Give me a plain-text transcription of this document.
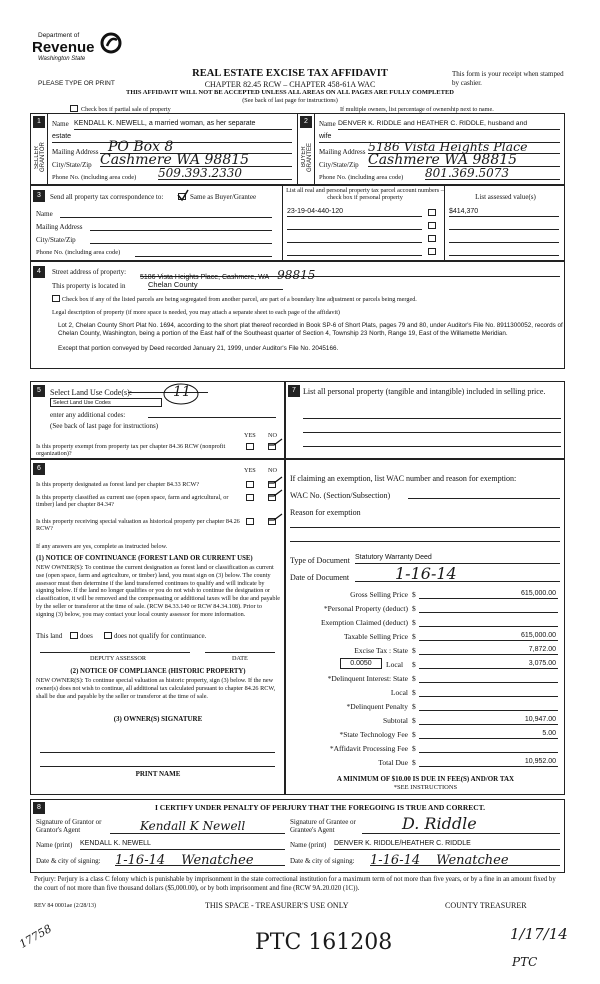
Department of
Revenue
Washington State
PLEASE TYPE OR PRINT
REAL ESTATE EXCISE TAX AFFIDAVIT
CHAPTER 82.45 RCW – CHAPTER 458-61A WAC
THIS AFFIDAVIT WILL NOT BE ACCEPTED UNLESS ALL AREAS ON ALL PAGES ARE FULLY COMPLETED
(See back of last page for instructions)
This form is your receipt when stamped by cashier.
Check box if partial sale of property	If multiple owners, list percentage of ownership next to name.
1
SELLER GRANTOR
Name KENDALL K. NEWELL, a married woman, as her separate
estate
Mailing Address PO Box 8
City/State/Zip Cashmere WA 98815
Phone No. (including area code) 509.393.2330
2
BUYER GRANTEE
Name DENVER K. RIDDLE and HEATHER C. RIDDLE, husband and
wife
Mailing Address 5186 Vista Heights Place
City/State/Zip Cashmere WA 98815
Phone No. (including area code) 801.369.5073
3	Send all property tax correspondence to:	Same as Buyer/Grantee
List all real and personal property tax parcel account numbers – check box if personal property	List assessed value(s)
Name
Mailing Address
City/State/Zip
Phone No. (including area code)
23-19-04-440-120	$414,370
4	Street address of property:
5186 Vista Heights Place, Cashmere, WA 98815
This property is located in	Chelan County
Check box if any of the listed parcels are being segregated from another parcel, are part of a boundary line adjustment or parcels being merged.
Legal description of property (if more space is needed, you may attach a separate sheet to each page of the affidavit)
Lot 2, Chelan County Short Plat No. 1694, according to the short plat thereof recorded in Book SP-6 of Short Plats, pages 79 and 80, under Auditor's File No. 8911300052, records of Chelan County, Washington, being a portion of the East half of the Southeast quarter of Section 4, Township 23 North, Range 19, East of the Willamette Meridian.
Except that portion conveyed by Deed recorded January 21, 1999, under Auditor's File No. 2045166.
5	Select Land Use Code(s):	11
Select Land Use Codes
enter any additional codes:
(See back of last page for instructions)
YES NO
Is this property exempt from property tax per chapter 84.36 RCW (nonprofit organization)?
7 List all personal property (tangible and intangible) included in selling price.
6	YES NO
Is this property designated as forest land per chapter 84.33 RCW?
Is this property classified as current use (open space, farm and agricultural, or timber) land per chapter 84.34?
Is this property receiving special valuation as historical property per chapter 84.26 RCW?
If any answers are yes, complete as instructed below.
(1) NOTICE OF CONTINUANCE (FOREST LAND OR CURRENT USE)
NEW OWNER(S): To continue the current designation as forest land or classification as current use (open space, farm and agriculture, or timber) land, you must sign on (3) below. The county assessor must then determine if the land transferred continues to qualify and will indicate by signing below. If the land no longer qualifies or you do not wish to continue the designation or classification, it will be removed and the compensating or additional taxes will be due and payable by the seller or transferor at the time of sale. (RCW 84.33.140 or RCW 84.34.108). Prior to signing (3) below, you may contact your local county assessor for more information.
This land	does	does not qualify for continuance.
DEPUTY ASSESSOR	DATE
(2) NOTICE OF COMPLIANCE (HISTORIC PROPERTY)
NEW OWNER(S): To continue special valuation as historic property, sign (3) below. If the new owner(s) does not wish to continue, all additional tax calculated pursuant to chapter 84.26 RCW, shall be due and payable by the seller or transferor at the time of sale.
(3) OWNER(S) SIGNATURE
PRINT NAME
If claiming an exemption, list WAC number and reason for exemption:
WAC No. (Section/Subsection)
Reason for exemption
Type of Document Statutory Warranty Deed
Date of Document	1-16-14
Gross Selling Price $	615,000.00
*Personal Property (deduct) $
Exemption Claimed (deduct) $
Taxable Selling Price $	615,000.00
Excise Tax : State $	7,872.00
0.0050	Local $	3,075.00
*Delinquent Interest: State $
Local $
*Delinquent Penalty $
Subtotal $	10,947.00
*State Technology Fee $	5.00
*Affidavit Processing Fee $
Total Due $	10,952.00
A MINIMUM OF $10.00 IS DUE IN FEE(S) AND/OR TAX
*SEE INSTRUCTIONS
8	I CERTIFY UNDER PENALTY OF PERJURY THAT THE FOREGOING IS TRUE AND CORRECT.
Signature of Grantor or Grantor's Agent	Kendall K Newell
Name (print) KENDALL K. NEWELL
Date & city of signing: 1-16-14 Wenatchee
Signature of Grantee or Grantee's Agent	D. Riddle
Name (print) DENVER K. RIDDLE/HEATHER C. RIDDLE
Date & city of signing: 1-16-14 Wenatchee
Perjury: Perjury is a class C felony which is punishable by imprisonment in the state correctional institution for a maximum term of not more than five years, or by a fine in an amount fixed by the court of not more than five thousand dollars ($5,000.00), or by both imprisonment and fine (RCW 9A.20.020 (1C)).
REV 84 0001ae (2/28/13)	THIS SPACE - TREASURER'S USE ONLY	COUNTY TREASURER
17758	PTC 161208	1/17/14
PTC
